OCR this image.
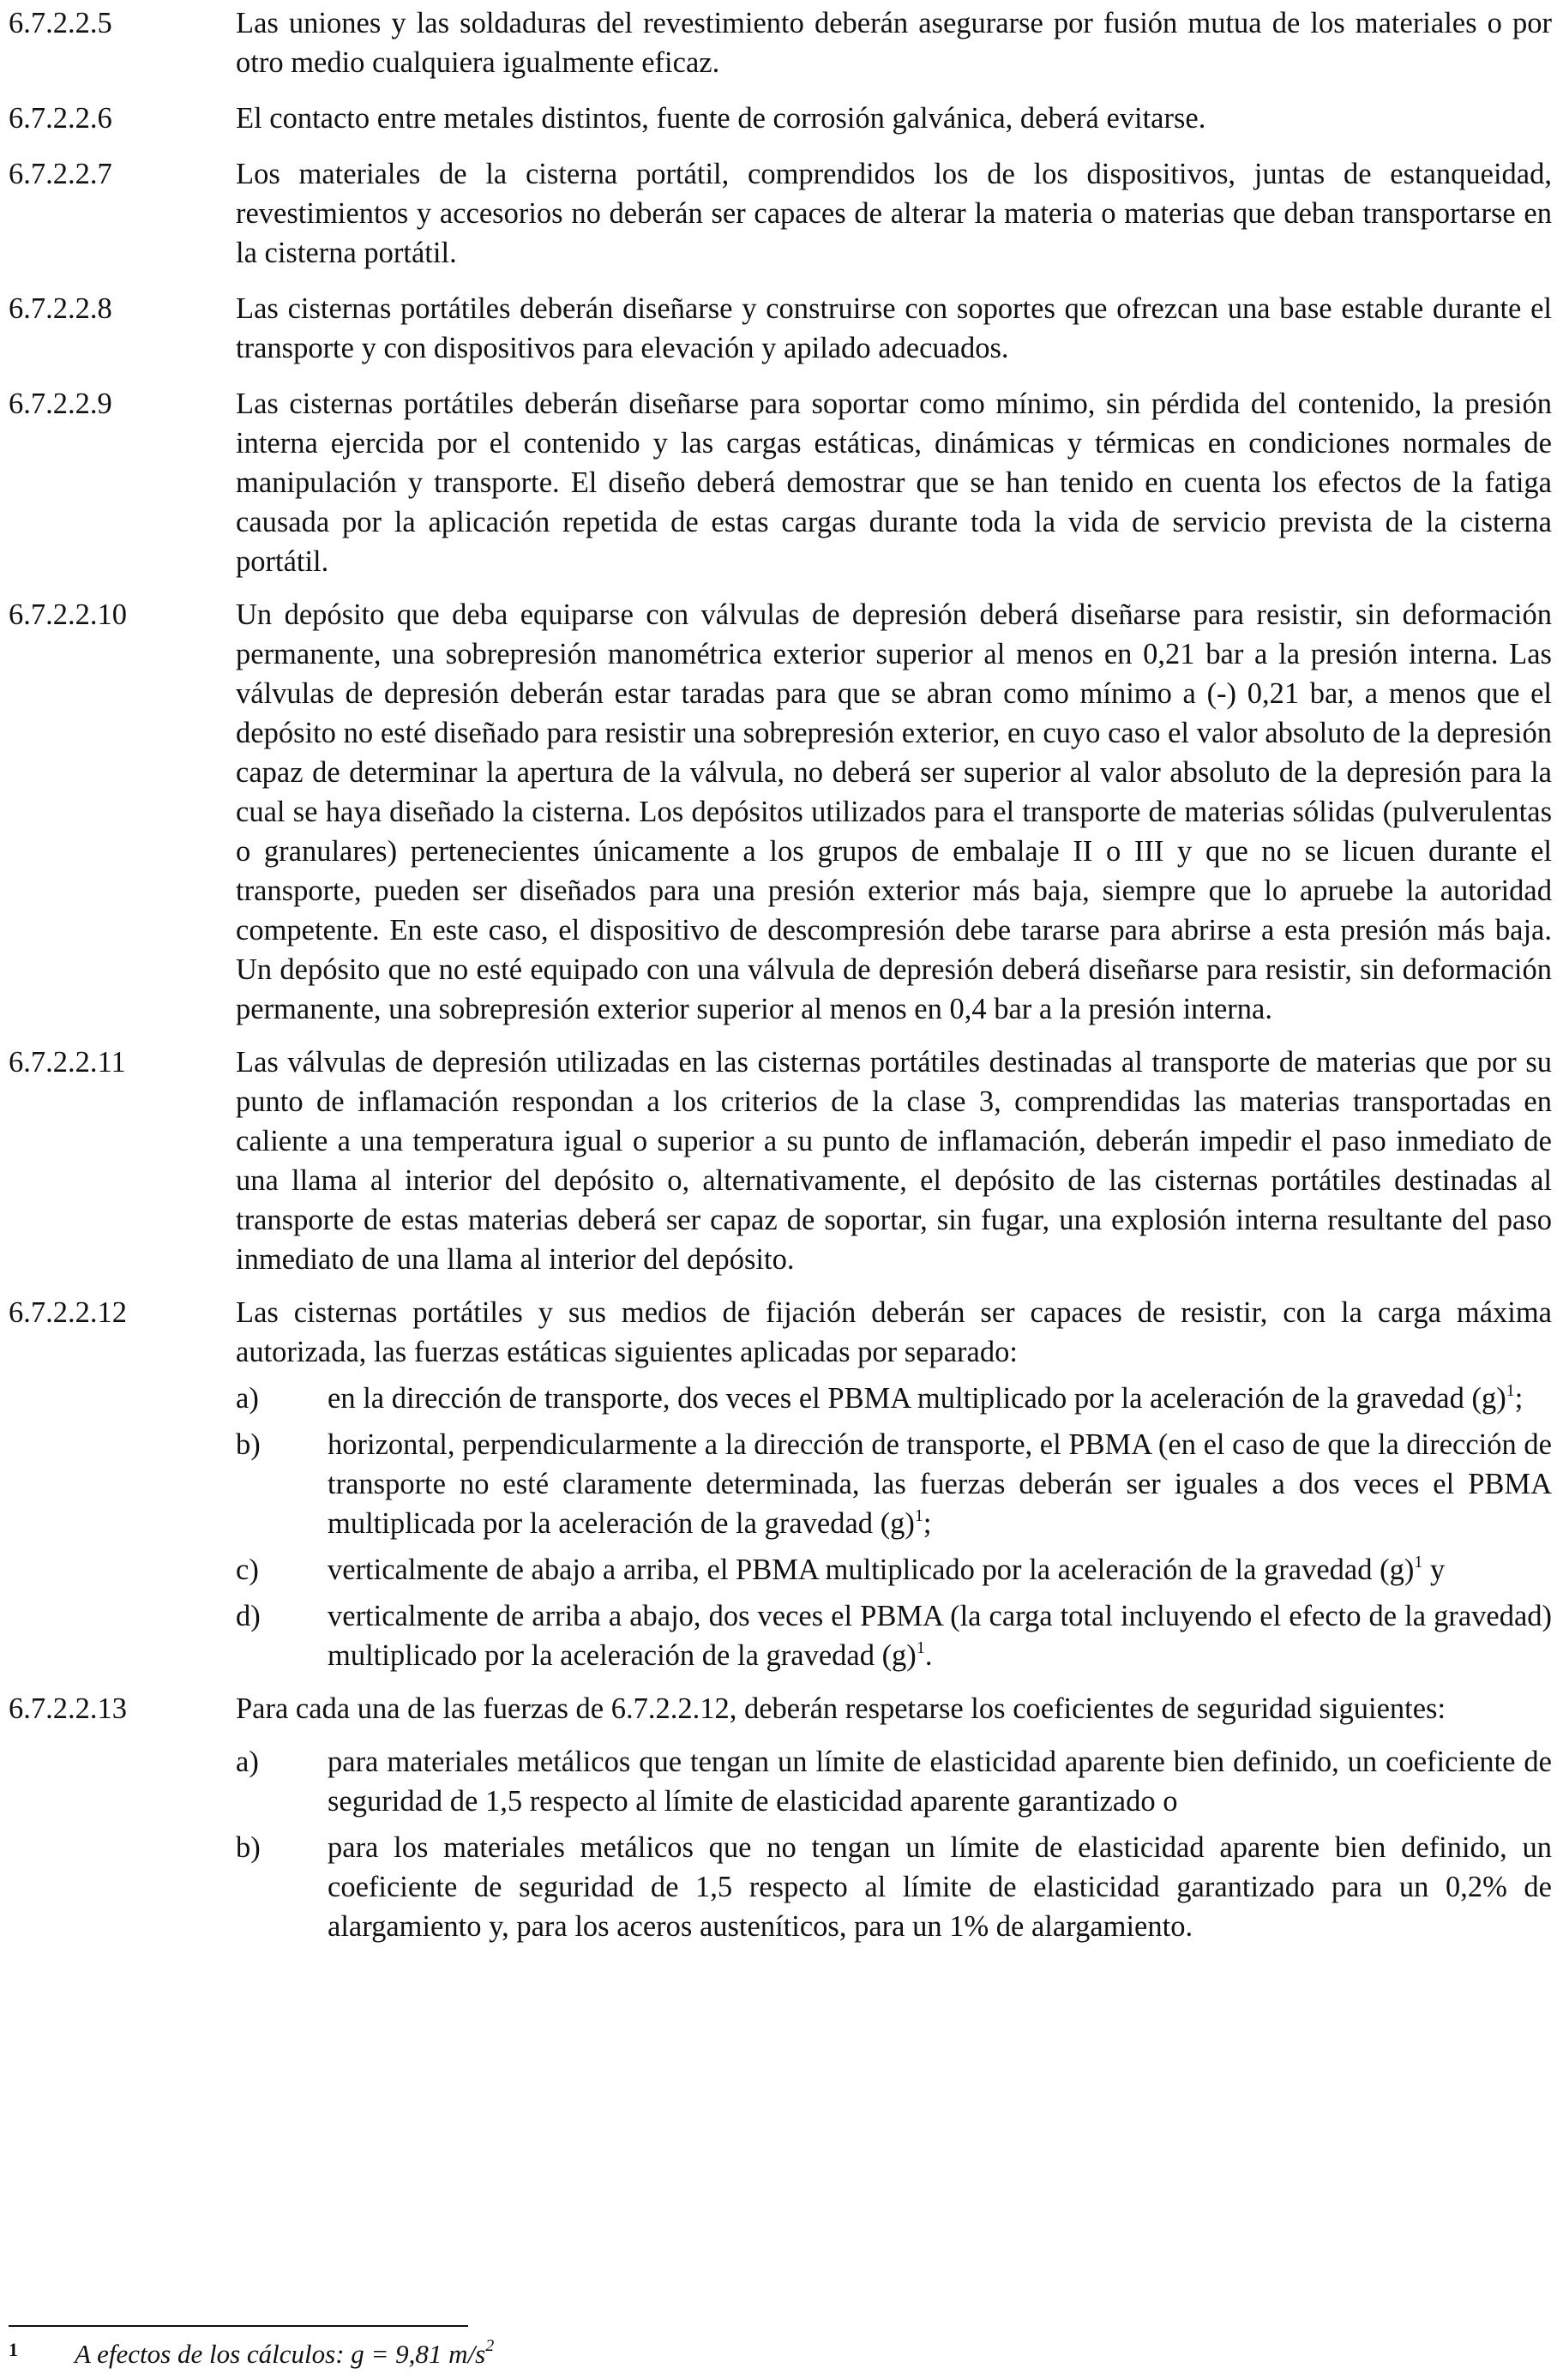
6.7.2.2.5	Las uniones y las soldaduras del revestimiento deberán asegurarse por fusión mutua de los materiales o por otro medio cualquiera igualmente eficaz.
6.7.2.2.6	El contacto entre metales distintos, fuente de corrosión galvánica, deberá evitarse.
6.7.2.2.7	Los materiales de la cisterna portátil, comprendidos los de los dispositivos, juntas de estanqueidad, revestimientos y accesorios no deberán ser capaces de alterar la materia o materias que deban transportarse en la cisterna portátil.
6.7.2.2.8	Las cisternas portátiles deberán diseñarse y construirse con soportes que ofrezcan una base estable durante el transporte y con dispositivos para elevación y apilado adecuados.
6.7.2.2.9	Las cisternas portátiles deberán diseñarse para soportar como mínimo, sin pérdida del contenido, la presión interna ejercida por el contenido y las cargas estáticas, dinámicas y térmicas en condiciones normales de manipulación y transporte. El diseño deberá demostrar que se han tenido en cuenta los efectos de la fatiga causada por la aplicación repetida de estas cargas durante toda la vida de servicio prevista de la cisterna portátil.
6.7.2.2.10	Un depósito que deba equiparse con válvulas de depresión deberá diseñarse para resistir, sin deformación permanente, una sobrepresión manométrica exterior superior al menos en 0,21 bar a la presión interna. Las válvulas de depresión deberán estar taradas para que se abran como mínimo a (-) 0,21 bar, a menos que el depósito no esté diseñado para resistir una sobrepresión exterior, en cuyo caso el valor absoluto de la depresión capaz de determinar la apertura de la válvula, no deberá ser superior al valor absoluto de la depresión para la cual se haya diseñado la cisterna. Los depósitos utilizados para el transporte de materias sólidas (pulverulentas o granulares) pertenecientes únicamente a los grupos de embalaje II o III y que no se licuen durante el transporte, pueden ser diseñados para una presión exterior más baja, siempre que lo apruebe la autoridad competente. En este caso, el dispositivo de descompresión debe tararse para abrirse a esta presión más baja. Un depósito que no esté equipado con una válvula de depresión deberá diseñarse para resistir, sin deformación permanente, una sobrepresión exterior superior al menos en 0,4 bar a la presión interna.
6.7.2.2.11	Las válvulas de depresión utilizadas en las cisternas portátiles destinadas al transporte de materias que por su punto de inflamación respondan a los criterios de la clase 3, comprendidas las materias transportadas en caliente a una temperatura igual o superior a su punto de inflamación, deberán impedir el paso inmediato de una llama al interior del depósito o, alternativamente, el depósito de las cisternas portátiles destinadas al transporte de estas materias deberá ser capaz de soportar, sin fugar, una explosión interna resultante del paso inmediato de una llama al interior del depósito.
6.7.2.2.12	Las cisternas portátiles y sus medios de fijación deberán ser capaces de resistir, con la carga máxima autorizada, las fuerzas estáticas siguientes aplicadas por separado:
a)	en la dirección de transporte, dos veces el PBMA multiplicado por la aceleración de la gravedad $(g)^1$;
b)	horizontal, perpendicularmente a la dirección de transporte, el PBMA (en el caso de que la dirección de transporte no esté claramente determinada, las fuerzas deberán ser iguales a dos veces el PBMA multiplicada por la aceleración de la gravedad $(g)^1$;
c)	verticalmente de abajo a arriba, el PBMA multiplicado por la aceleración de la gravedad $(g)^1$ y
d)	verticalmente de arriba a abajo, dos veces el PBMA (la carga total incluyendo el efecto de la gravedad) multiplicado por la aceleración de la gravedad $(g)^1$.
6.7.2.2.13	Para cada una de las fuerzas de 6.7.2.2.12, deberán respetarse los coeficientes de seguridad siguientes:
a)	para materiales metálicos que tengan un límite de elasticidad aparente bien definido, un coeficiente de seguridad de 1,5 respecto al límite de elasticidad aparente garantizado o
b)	para los materiales metálicos que no tengan un límite de elasticidad aparente bien definido, un coeficiente de seguridad de 1,5 respecto al límite de elasticidad garantizado para un 0,2% de alargamiento y, para los aceros austeníticos, para un 1% de alargamiento.
1	A efectos de los cálculos: g = 9,81 $m/s^2$
